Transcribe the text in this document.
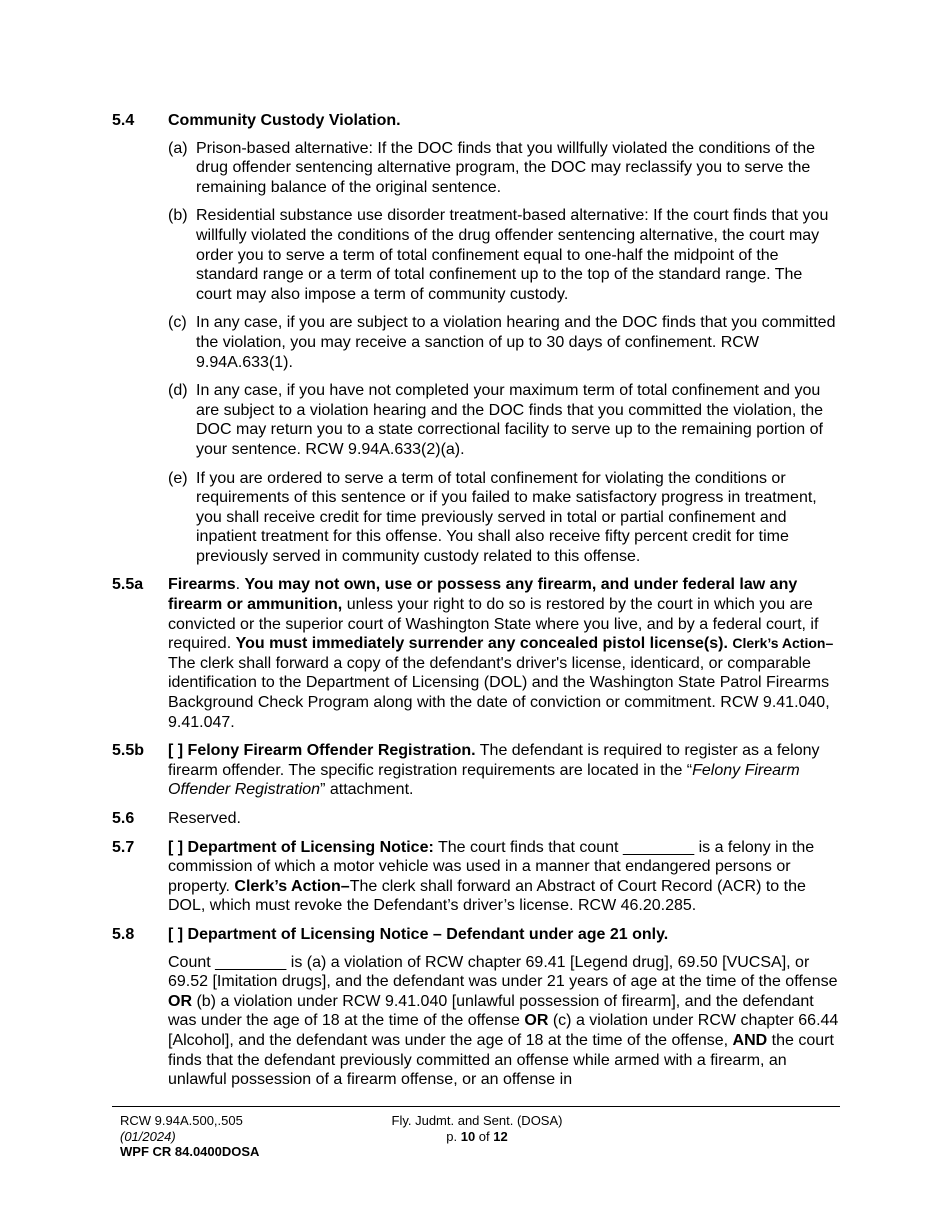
5.4 Community Custody Violation.
(a) Prison-based alternative: If the DOC finds that you willfully violated the conditions of the drug offender sentencing alternative program, the DOC may reclassify you to serve the remaining balance of the original sentence.
(b) Residential substance use disorder treatment-based alternative: If the court finds that you willfully violated the conditions of the drug offender sentencing alternative, the court may order you to serve a term of total confinement equal to one-half the midpoint of the standard range or a term of total confinement up to the top of the standard range. The court may also impose a term of community custody.
(c) In any case, if you are subject to a violation hearing and the DOC finds that you committed the violation, you may receive a sanction of up to 30 days of confinement. RCW 9.94A.633(1).
(d) In any case, if you have not completed your maximum term of total confinement and you are subject to a violation hearing and the DOC finds that you committed the violation, the DOC may return you to a state correctional facility to serve up to the remaining portion of your sentence. RCW 9.94A.633(2)(a).
(e) If you are ordered to serve a term of total confinement for violating the conditions or requirements of this sentence or if you failed to make satisfactory progress in treatment, you shall receive credit for time previously served in total or partial confinement and inpatient treatment for this offense. You shall also receive fifty percent credit for time previously served in community custody related to this offense.
5.5a Firearms. You may not own, use or possess any firearm, and under federal law any firearm or ammunition, unless your right to do so is restored by the court in which you are convicted or the superior court of Washington State where you live, and by a federal court, if required. You must immediately surrender any concealed pistol license(s). Clerk’s Action–The clerk shall forward a copy of the defendant's driver's license, identicard, or comparable identification to the Department of Licensing (DOL) and the Washington State Patrol Firearms Background Check Program along with the date of conviction or commitment. RCW 9.41.040, 9.41.047.
5.5b [ ] Felony Firearm Offender Registration. The defendant is required to register as a felony firearm offender. The specific registration requirements are located in the “Felony Firearm Offender Registration” attachment.
5.6 Reserved.
5.7 [ ] Department of Licensing Notice: The court finds that count ________ is a felony in the commission of which a motor vehicle was used in a manner that endangered persons or property. Clerk’s Action–The clerk shall forward an Abstract of Court Record (ACR) to the DOL, which must revoke the Defendant’s driver’s license. RCW 46.20.285.
5.8 [ ] Department of Licensing Notice – Defendant under age 21 only.
Count ________ is (a) a violation of RCW chapter 69.41 [Legend drug], 69.50 [VUCSA], or 69.52 [Imitation drugs], and the defendant was under 21 years of age at the time of the offense OR (b) a violation under RCW 9.41.040 [unlawful possession of firearm], and the defendant was under the age of 18 at the time of the offense OR (c) a violation under RCW chapter 66.44 [Alcohol], and the defendant was under the age of 18 at the time of the offense, AND the court finds that the defendant previously committed an offense while armed with a firearm, an unlawful possession of a firearm offense, or an offense in
RCW 9.94A.500,.505
(01/2024)
WPF CR 84.0400DOSA
Fly. Judmt. and Sent. (DOSA)
p. 10 of 12
